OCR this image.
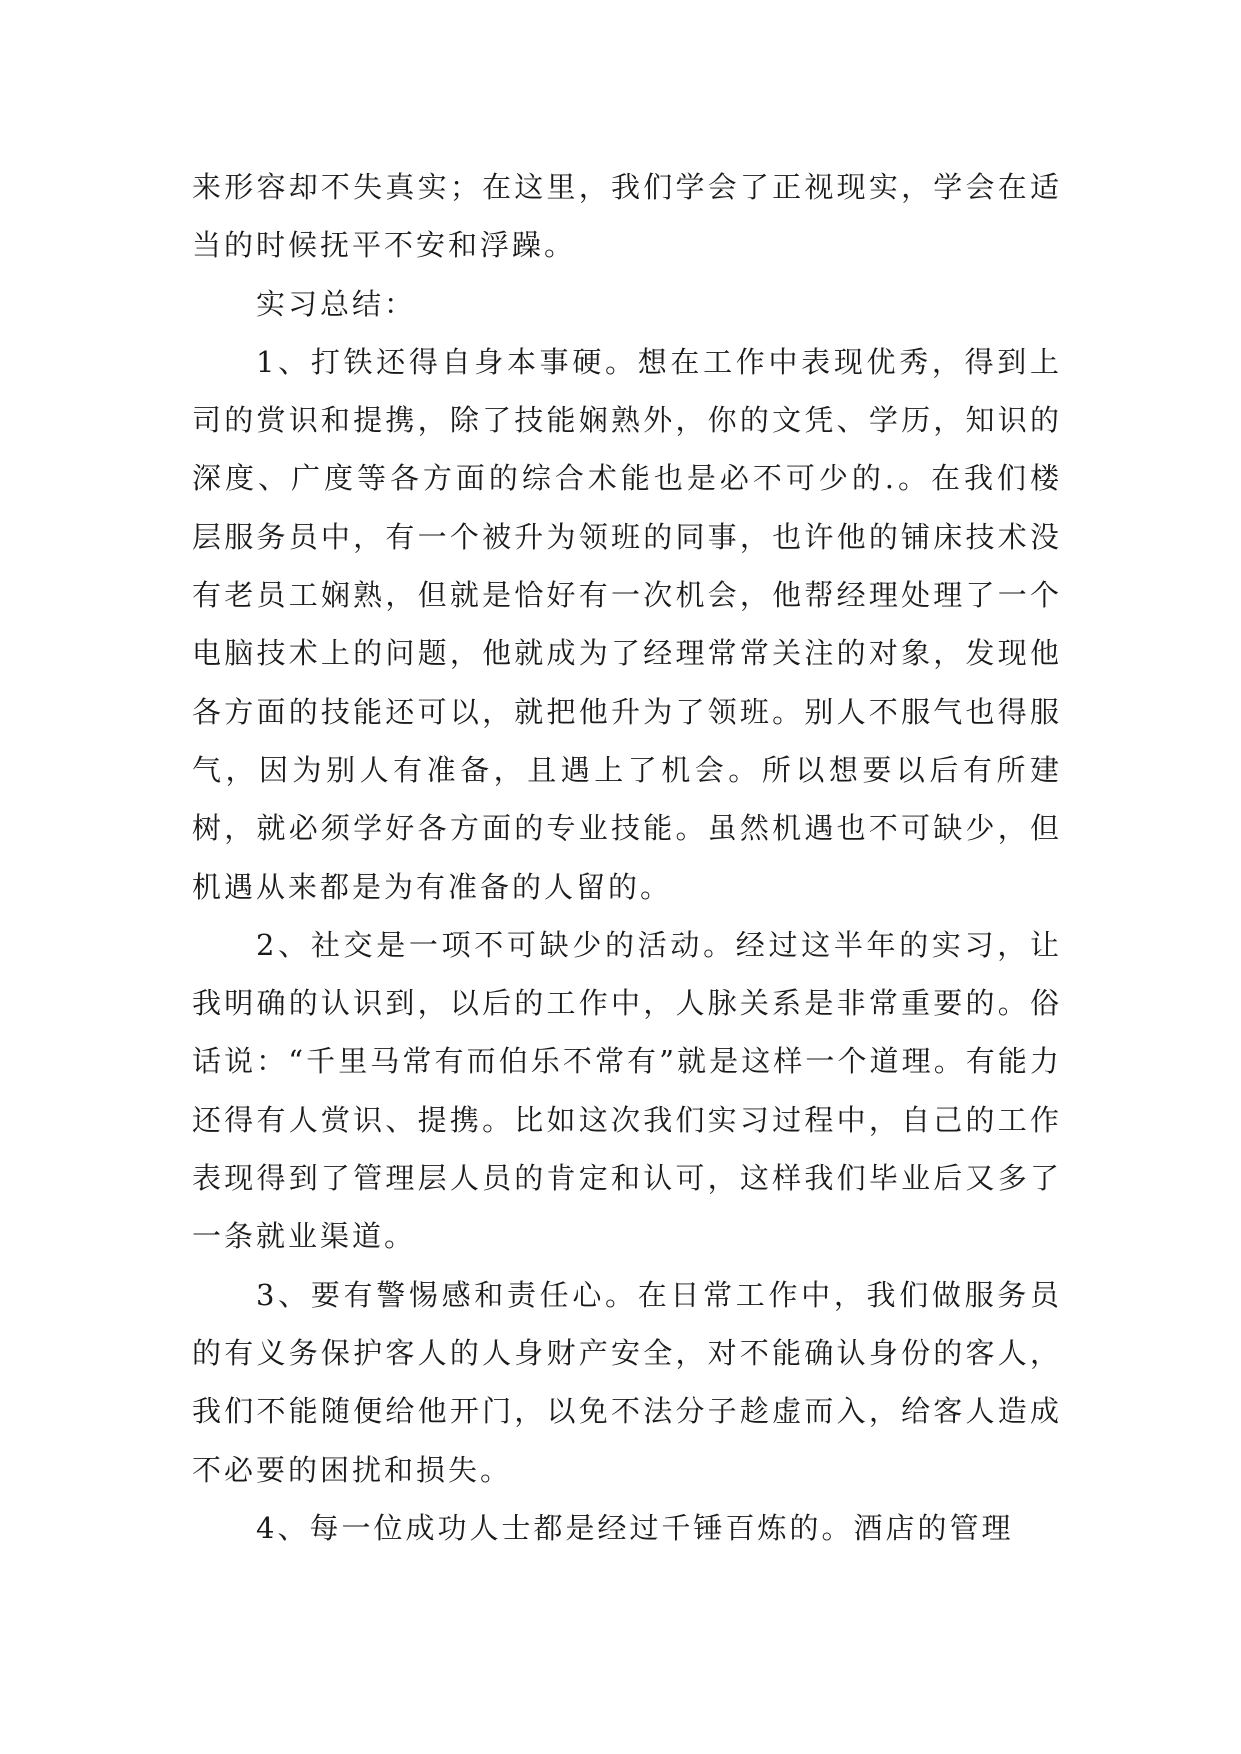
来形容却不失真实；在这里，我们学会了正视现实，学会在适当的时候抚平不安和浮躁。

实习总结：

1、打铁还得自身本事硬。想在工作中表现优秀，得到上司的赏识和提携，除了技能娴熟外，你的文凭、学历，知识的深度、广度等各方面的综合术能也是必不可少的.。在我们楼层服务员中，有一个被升为领班的同事，也许他的铺床技术没有老员工娴熟，但就是恰好有一次机会，他帮经理处理了一个电脑技术上的问题，他就成为了经理常常关注的对象，发现他各方面的技能还可以，就把他升为了领班。别人不服气也得服气，因为别人有准备，且遇上了机会。所以想要以后有所建树，就必须学好各方面的专业技能。虽然机遇也不可缺少，但机遇从来都是为有准备的人留的。

2、社交是一项不可缺少的活动。经过这半年的实习，让我明确的认识到，以后的工作中，人脉关系是非常重要的。俗话说：“千里马常有而伯乐不常有”就是这样一个道理。有能力还得有人赏识、提携。比如这次我们实习过程中，自己的工作表现得到了管理层人员的肯定和认可，这样我们毕业后又多了一条就业渠道。

3、要有警惕感和责任心。在日常工作中，我们做服务员的有义务保护客人的人身财产安全，对不能确认身份的客人，我们不能随便给他开门，以免不法分子趁虚而入，给客人造成不必要的困扰和损失。

4、每一位成功人士都是经过千锤百炼的。酒店的管理
